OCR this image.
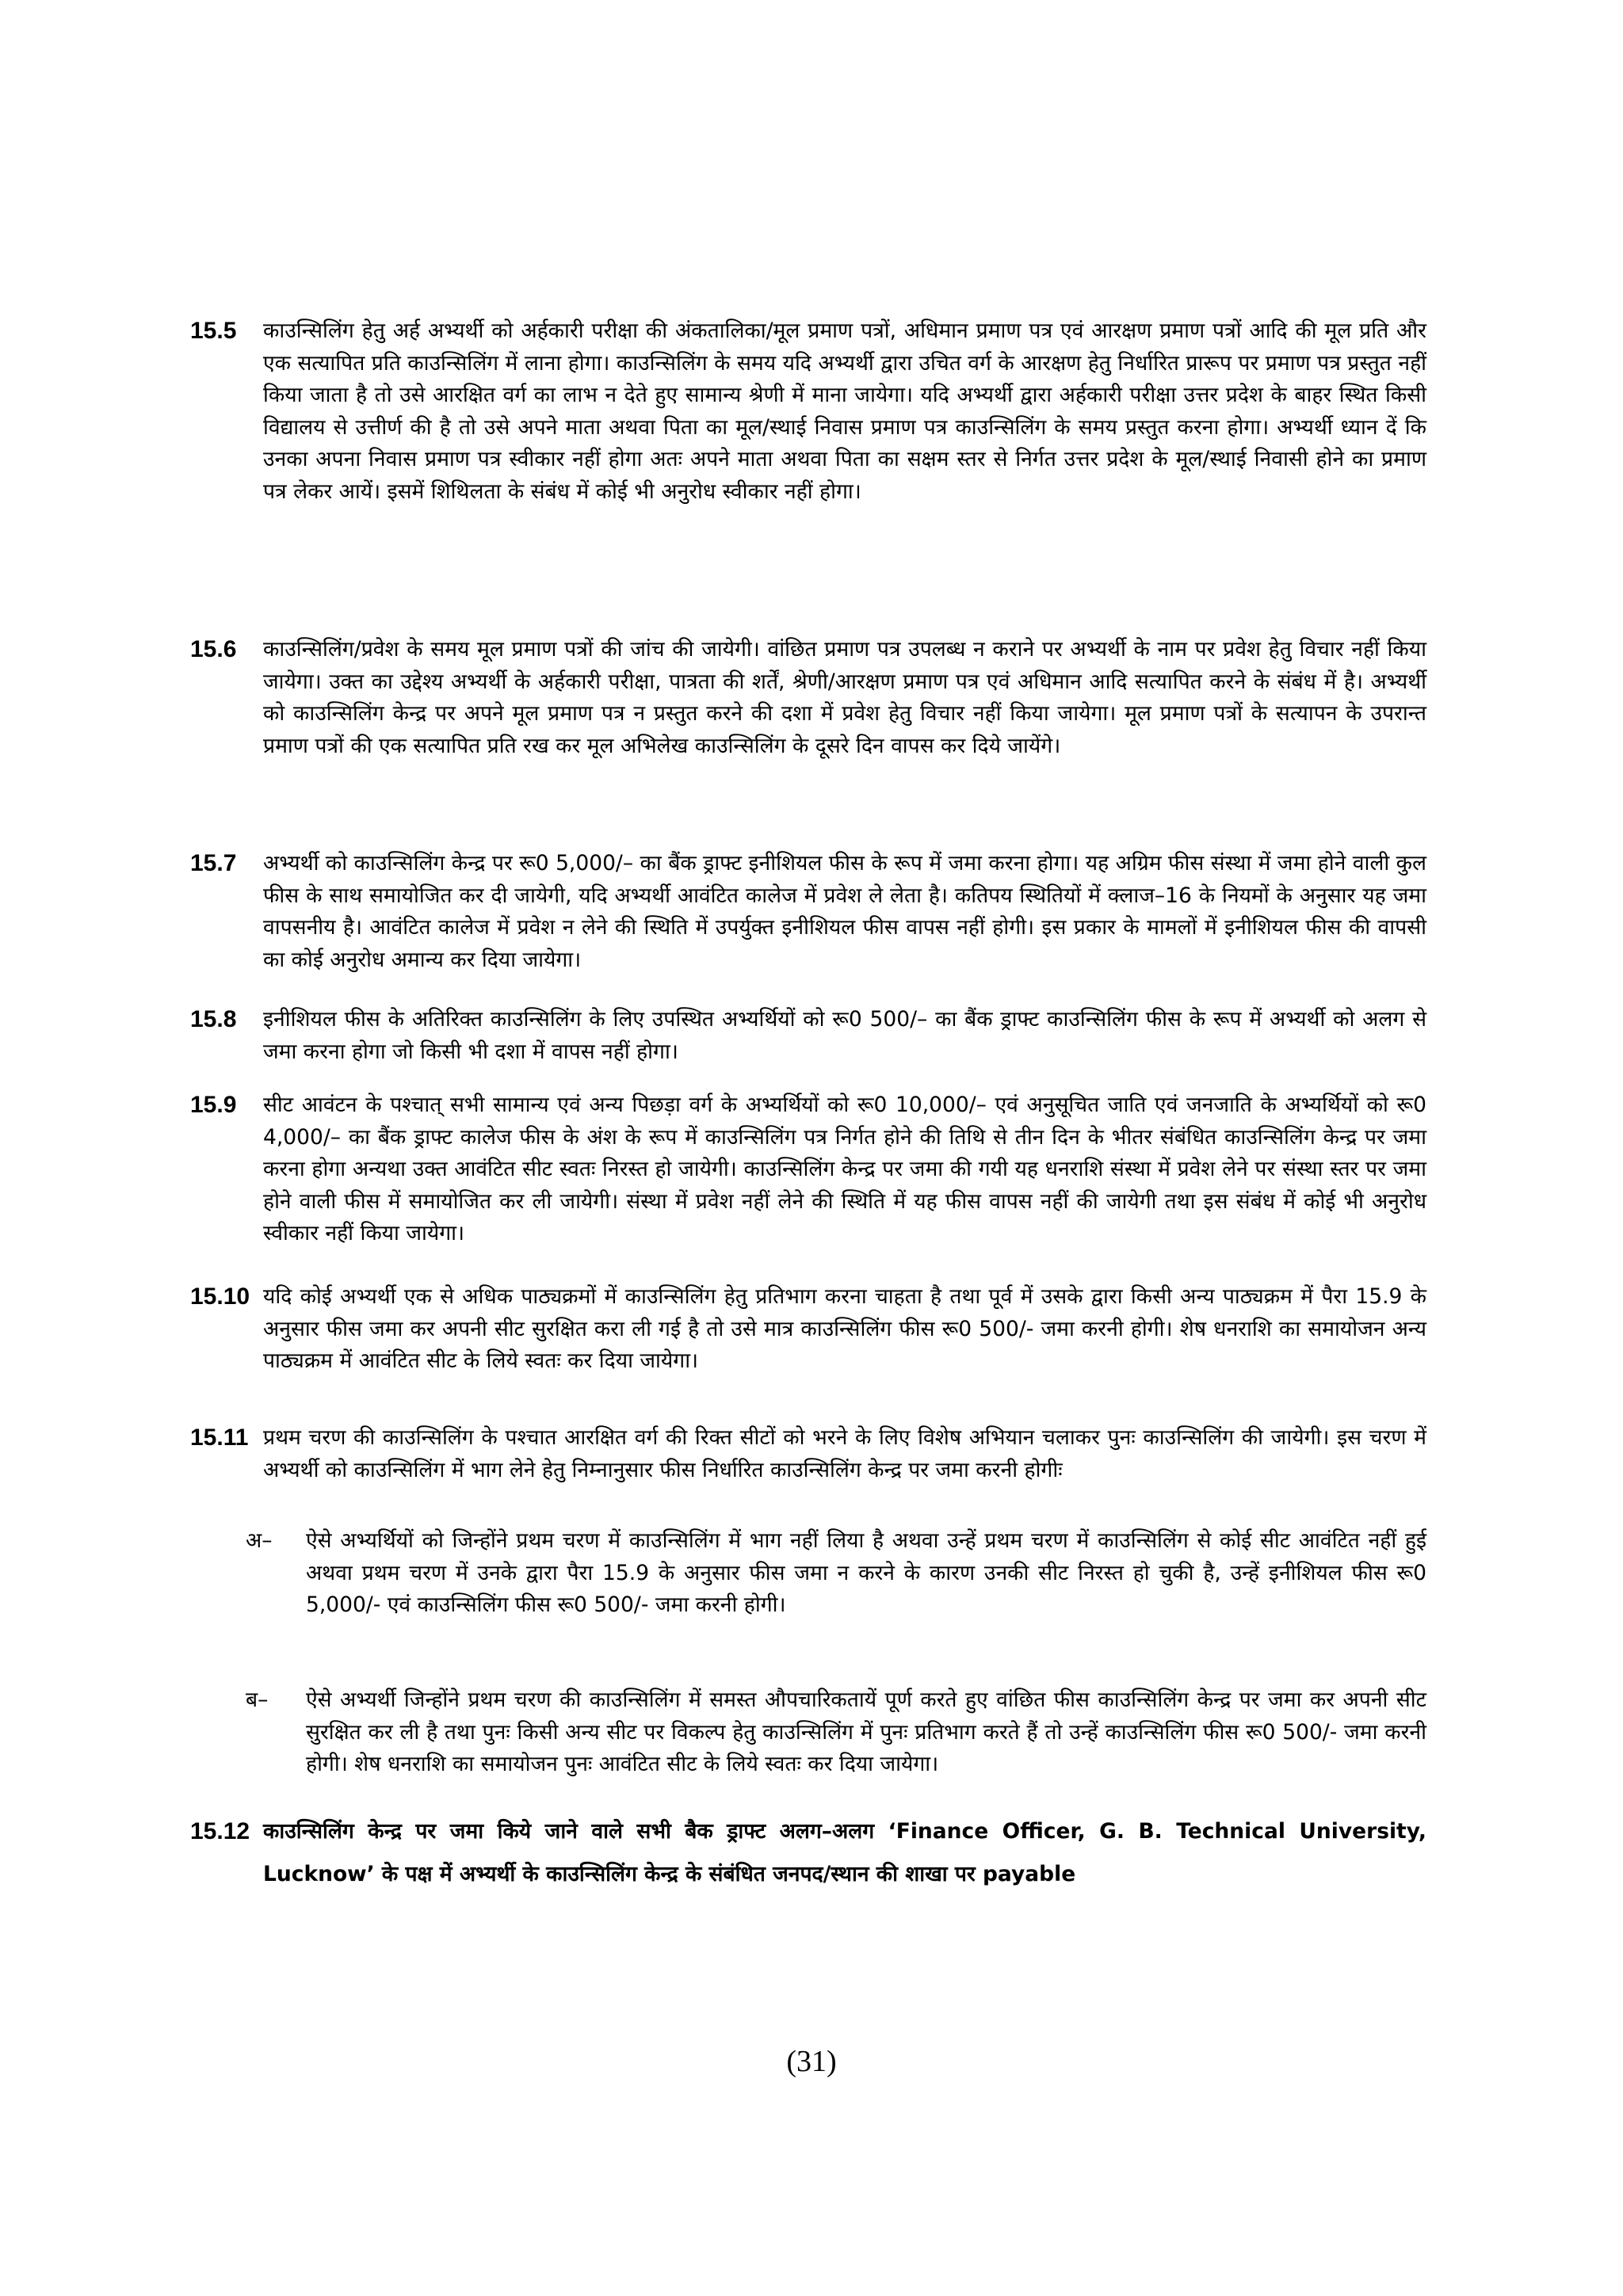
15.5	काउन्सिलिंग हेतु अर्ह अभ्यर्थी को अर्हकारी परीक्षा की अंकतालिका/मूल प्रमाण पत्रों, अधिमान प्रमाण पत्र एवं आरक्षण प्रमाण पत्रों आदि की मूल प्रति और एक सत्यापित प्रति काउन्सिलिंग में लाना होगा। काउन्सिलिंग के समय यदि अभ्यर्थी द्वारा उचित वर्ग के आरक्षण हेतु निर्धारित प्रारूप पर प्रमाण पत्र प्रस्तुत नहीं किया जाता है तो उसे आरक्षित वर्ग का लाभ न देते हुए सामान्य श्रेणी में माना जायेगा। यदि अभ्यर्थी द्वारा अर्हकारी परीक्षा उत्तर प्रदेश के बाहर स्थित किसी विद्यालय से उत्तीर्ण की है तो उसे अपने माता अथवा पिता का मूल/स्थाई निवास प्रमाण पत्र काउन्सिलिंग के समय प्रस्तुत करना होगा। अभ्यर्थी ध्यान दें कि उनका अपना निवास प्रमाण पत्र स्वीकार नहीं होगा अतः अपने माता अथवा पिता का सक्षम स्तर से निर्गत उत्तर प्रदेश के मूल/स्थाई निवासी होने का प्रमाण पत्र लेकर आयें। इसमें शिथिलता के संबंध में कोई भी अनुरोध स्वीकार नहीं होगा।
15.6	काउन्सिलिंग/प्रवेश के समय मूल प्रमाण पत्रों की जांच की जायेगी। वांछित प्रमाण पत्र उपलब्ध न कराने पर अभ्यर्थी के नाम पर प्रवेश हेतु विचार नहीं किया जायेगा। उक्त का उद्देश्य अभ्यर्थी के अर्हकारी परीक्षा, पात्रता की शर्तें, श्रेणी/आरक्षण प्रमाण पत्र एवं अधिमान आदि सत्यापित करने के संबंध में है। अभ्यर्थी को काउन्सिलिंग केन्द्र पर अपने मूल प्रमाण पत्र न प्रस्तुत करने की दशा में प्रवेश हेतु विचार नहीं किया जायेगा। मूल प्रमाण पत्रों के सत्यापन के उपरान्त प्रमाण पत्रों की एक सत्यापित प्रति रख कर मूल अभिलेख काउन्सिलिंग के दूसरे दिन वापस कर दिये जायेंगे।
15.7	अभ्यर्थी को काउन्सिलिंग केन्द्र पर रू0 5,000/– का बैंक ड्राफ्ट इनीशियल फीस के रूप में जमा करना होगा। यह अग्रिम फीस संस्था में जमा होने वाली कुल फीस के साथ समायोजित कर दी जायेगी, यदि अभ्यर्थी आवंटित कालेज में प्रवेश ले लेता है। कतिपय स्थितियों में क्लाज–16 के नियमों के अनुसार यह जमा वापसनीय है। आवंटित कालेज में प्रवेश न लेने की स्थिति में उपर्युक्त इनीशियल फीस वापस नहीं होगी। इस प्रकार के मामलों में इनीशियल फीस की वापसी का कोई अनुरोध अमान्य कर दिया जायेगा।
15.8	इनीशियल फीस के अतिरिक्त काउन्सिलिंग के लिए उपस्थित अभ्यर्थियों को रू0 500/– का बैंक ड्राफ्ट काउन्सिलिंग फीस के रूप में अभ्यर्थी को अलग से जमा करना होगा जो किसी भी दशा में वापस नहीं होगा।
15.9	सीट आवंटन के पश्चात् सभी सामान्य एवं अन्य पिछड़ा वर्ग के अभ्यर्थियों को रू0 10,000/– एवं अनुसूचित जाति एवं जनजाति के अभ्यर्थियों को रू0 4,000/– का बैंक ड्राफ्ट कालेज फीस के अंश के रूप में काउन्सिलिंग पत्र निर्गत होने की तिथि से तीन दिन के भीतर संबंधित काउन्सिलिंग केन्द्र पर जमा करना होगा अन्यथा उक्त आवंटित सीट स्वतः निरस्त हो जायेगी। काउन्सिलिंग केन्द्र पर जमा की गयी यह धनराशि संस्था में प्रवेश लेने पर संस्था स्तर पर जमा होने वाली फीस में समायोजित कर ली जायेगी। संस्था में प्रवेश नहीं लेने की स्थिति में यह फीस वापस नहीं की जायेगी तथा इस संबंध में कोई भी अनुरोध स्वीकार नहीं किया जायेगा।
15.10 यदि कोई अभ्यर्थी एक से अधिक पाठ्यक्रमों में काउन्सिलिंग हेतु प्रतिभाग करना चाहता है तथा पूर्व में उसके द्वारा किसी अन्य पाठ्यक्रम में पैरा 15.9 के अनुसार फीस जमा कर अपनी सीट सुरक्षित करा ली गई है तो उसे मात्र काउन्सिलिंग फीस रू0 500/- जमा करनी होगी। शेष धनराशि का समायोजन अन्य पाठ्यक्रम में आवंटित सीट के लिये स्वतः कर दिया जायेगा।
15.11 प्रथम चरण की काउन्सिलिंग के पश्चात आरक्षित वर्ग की रिक्त सीटों को भरने के लिए विशेष अभियान चलाकर पुनः काउन्सिलिंग की जायेगी। इस चरण में अभ्यर्थी को काउन्सिलिंग में भाग लेने हेतु निम्नानुसार फीस निर्धारित काउन्सिलिंग केन्द्र पर जमा करनी होगीः
अ– ऐसे अभ्यर्थियों को जिन्होंने प्रथम चरण में काउन्सिलिंग में भाग नहीं लिया है अथवा उन्हें प्रथम चरण में काउन्सिलिंग से कोई सीट आवंटित नहीं हुई अथवा प्रथम चरण में उनके द्वारा पैरा 15.9 के अनुसार फीस जमा न करने के कारण उनकी सीट निरस्त हो चुकी है, उन्हें इनीशियल फीस रू0 5,000/- एवं काउन्सिलिंग फीस रू0 500/- जमा करनी होगी।
ब– ऐसे अभ्यर्थी जिन्होंने प्रथम चरण की काउन्सिलिंग में समस्त औपचारिकतायें पूर्ण करते हुए वांछित फीस काउन्सिलिंग केन्द्र पर जमा कर अपनी सीट सुरक्षित कर ली है तथा पुनः किसी अन्य सीट पर विकल्प हेतु काउन्सिलिंग में पुनः प्रतिभाग करते हैं तो उन्हें काउन्सिलिंग फीस रू0 500/- जमा करनी होगी। शेष धनराशि का समायोजन पुनः आवंटित सीट के लिये स्वतः कर दिया जायेगा।
15.12 काउन्सिलिंग केन्द्र पर जमा किये जाने वाले सभी बैक ड्राफ्ट अलग–अलग ‘Finance Officer, G. B. Technical University, Lucknow’ के पक्ष में अभ्यर्थी के काउन्सिलिंग केन्द्र के संबंधित जनपद/स्थान की शाखा पर payable
(31)
